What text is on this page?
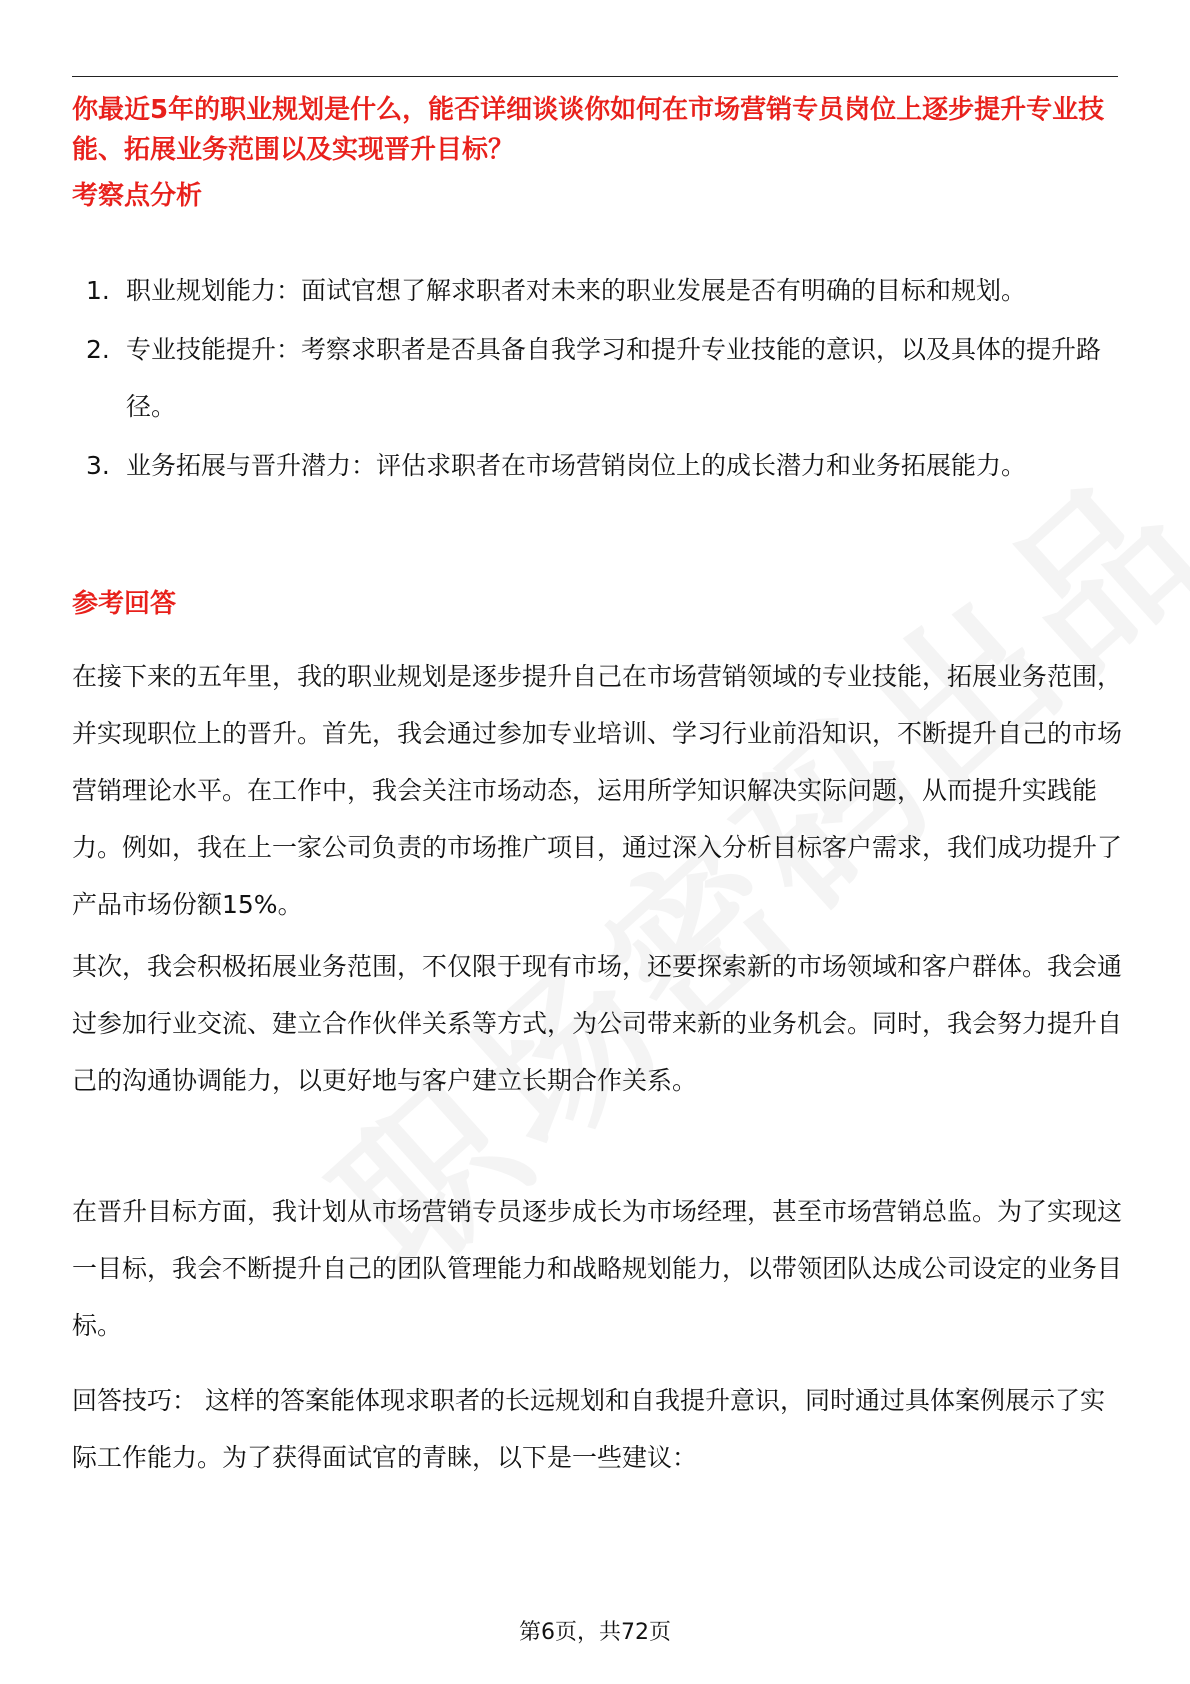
你最近5年的职业规划是什么，能否详细谈谈你如何在市场营销专员岗位上逐步提升专业技能、拓展业务范围以及实现晋升目标？
考察点分析
1. 职业规划能力：面试官想了解求职者对未来的职业发展是否有明确的目标和规划。
2. 专业技能提升：考察求职者是否具备自我学习和提升专业技能的意识，以及具体的提升路径。
3. 业务拓展与晋升潜力：评估求职者在市场营销岗位上的成长潜力和业务拓展能力。
参考回答

在接下来的五年里，我的职业规划是逐步提升自己在市场营销领域的专业技能，拓展业务范围，并实现职位上的晋升。首先，我会通过参加专业培训、学习行业前沿知识，不断提升自己的市场营销理论水平。在工作中，我会关注市场动态，运用所学知识解决实际问题，从而提升实践能力。例如，我在上一家公司负责的市场推广项目，通过深入分析目标客户需求，我们成功提升了产品市场份额15%。

其次，我会积极拓展业务范围，不仅限于现有市场，还要探索新的市场领域和客户群体。我会通过参加行业交流、建立合作伙伴关系等方式，为公司带来新的业务机会。同时，我会努力提升自己的沟通协调能力，以更好地与客户建立长期合作关系。

在晋升目标方面，我计划从市场营销专员逐步成长为市场经理，甚至市场营销总监。为了实现这一目标，我会不断提升自己的团队管理能力和战略规划能力，以带领团队达成公司设定的业务目标。

回答技巧： 这样的答案能体现求职者的长远规划和自我提升意识，同时通过具体案例展示了实际工作能力。为了获得面试官的青睐，以下是一些建议：

第6页，共72页
